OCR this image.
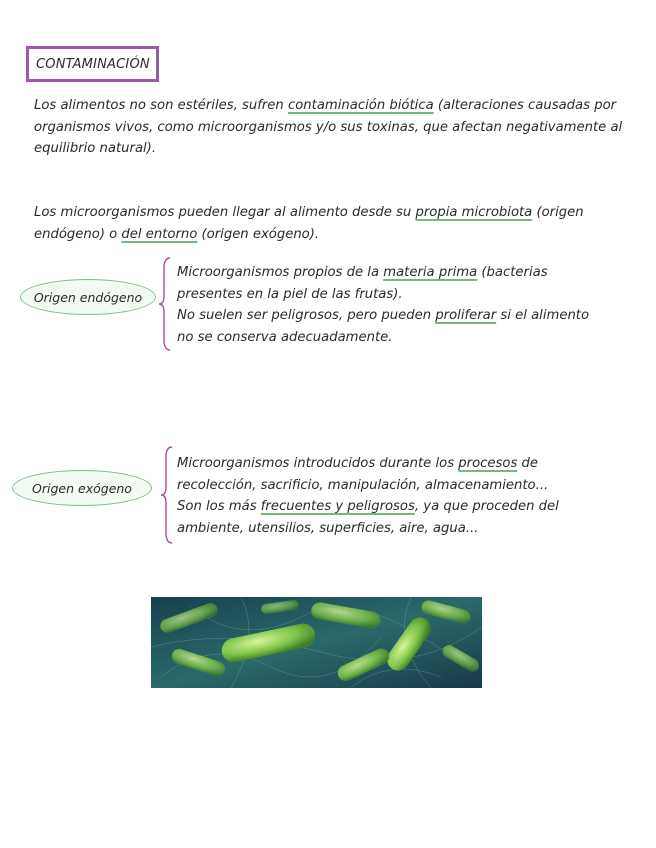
CONTAMINACIÓN
Los alimentos no son estériles, sufren contaminación biótica (alteraciones causadas por organismos vivos, como microorganismos y/o sus toxinas, que afectan negativamente al equilibrio natural).
Los microorganismos pueden llegar al alimento desde su propia microbiota (origen endógeno) o del entorno (origen exógeno).
Origen endógeno
Microorganismos propios de la materia prima (bacterias presentes en la piel de las frutas).
No suelen ser peligrosos, pero pueden proliferar si el alimento no se conserva adecuadamente.
Origen exógeno
Microorganismos introducidos durante los procesos de recolección, sacrificio, manipulación, almacenamiento...
Son los más frecuentes y peligrosos, ya que proceden del ambiente, utensilios, superficies, aire, agua...
